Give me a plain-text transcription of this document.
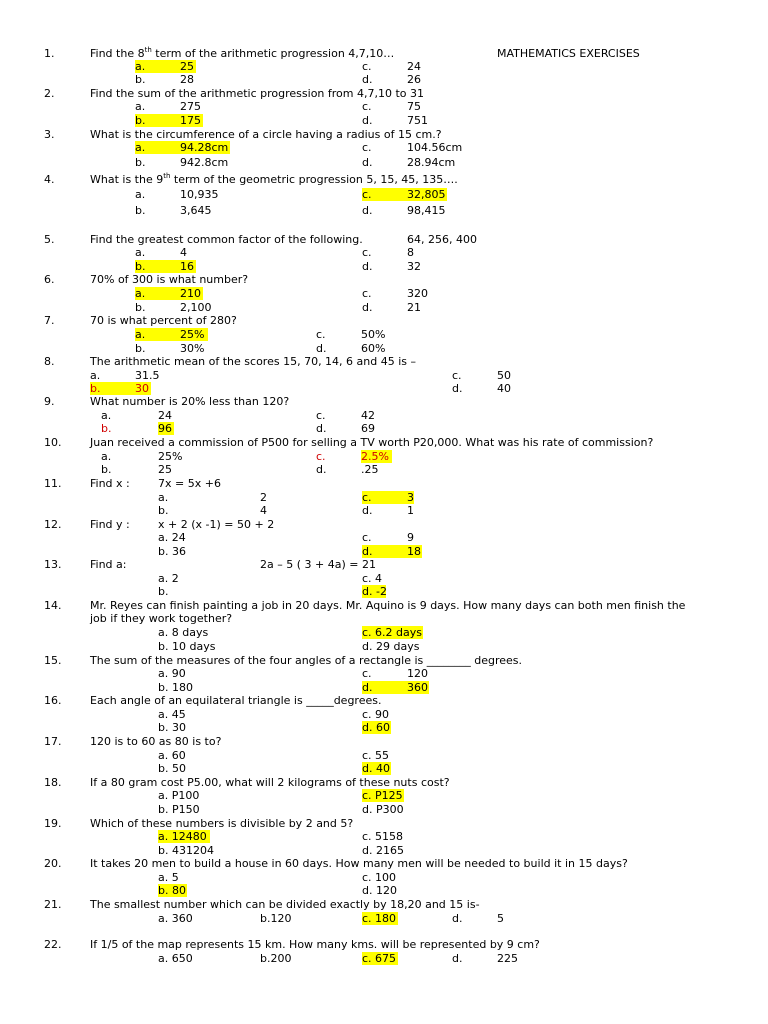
MATHEMATICS EXERCISES
1.	Find the 8th term of the arithmetic progression 4,7,10…
a.	25	c.	24
b.	28	d.	26
2.	Find the sum of the arithmetic progression from 4,7,10 to 31
a.	275	c.	75
b.	175	d.	751
3.	What is the circumference of a circle having a radius of 15 cm.?
a.	94.28cm	c.	104.56cm
b.	942.8cm	d.	28.94cm
4.	What is the 9th term of the geometric progression 5, 15, 45, 135….
a.	10,935	c.	32,805
b.	3,645	d.	98,415
5.	Find the greatest common factor of the following.	64, 256, 400
a.	4	c.	8
b.	16	d.	32
6.	70% of 300 is what number?
a.	210	c.	320
b.	2,100	d.	21
7.	70 is what percent of 280?
a.	25%	c.	50%
b.	30%	d.	60%
8.	The arithmetic mean of the scores 15, 70, 14, 6 and 45 is –
a.	31.5	c.	50
b.	30	d.	40
9.	What number is 20% less than 120?
a.	24	c.	42
b.	96	d.	69
10.	Juan received a commission of P500 for selling a TV worth P20,000. What was his rate of commission?
a.	25%	c.	2.5%
b.	25	d.	.25
11.	Find x :	7x = 5x +6
a.	2	c.	3
b.	4	d.	1
12.	Find y :	x + 2 (x -1) = 50 + 2
a. 24	c.	9
b. 36	d.	18
13.	Find a:	2a – 5 ( 3 + 4a) = 21
a. 2	c. 4
b.	d. -2
14.	Mr. Reyes can finish painting a job in 20 days. Mr. Aquino is 9 days. How many days can both men finish the
job if they work together?
a. 8 days	c. 6.2 days
b. 10 days	d. 29 days
15.	The sum of the measures of the four angles of a rectangle is ________ degrees.
a. 90	c.	120
b. 180	d.	360
16.	Each angle of an equilateral triangle is _____degrees.
a. 45	c. 90
b. 30	d. 60
17.	120 is to 60 as 80 is to?
a. 60	c. 55
b. 50	d. 40
18.	If a 80 gram cost P5.00, what will 2 kilograms of these nuts cost?
a. P100	c. P125
b. P150	d. P300
19.	Which of these numbers is divisible by 2 and 5?
a. 12480	c. 5158
b. 431204	d. 2165
20.	It takes 20 men to build a house in 60 days. How many men will be needed to build it in 15 days?
a. 5	c. 100
b. 80	d. 120
21.	The smallest number which can be divided exactly by 18,20 and 15 is-
a. 360	b.120	c. 180	d.	5
22.	If 1/5 of the map represents 15 km. How many kms. will be represented by 9 cm?
a. 650	b.200	c. 675	d.	225
